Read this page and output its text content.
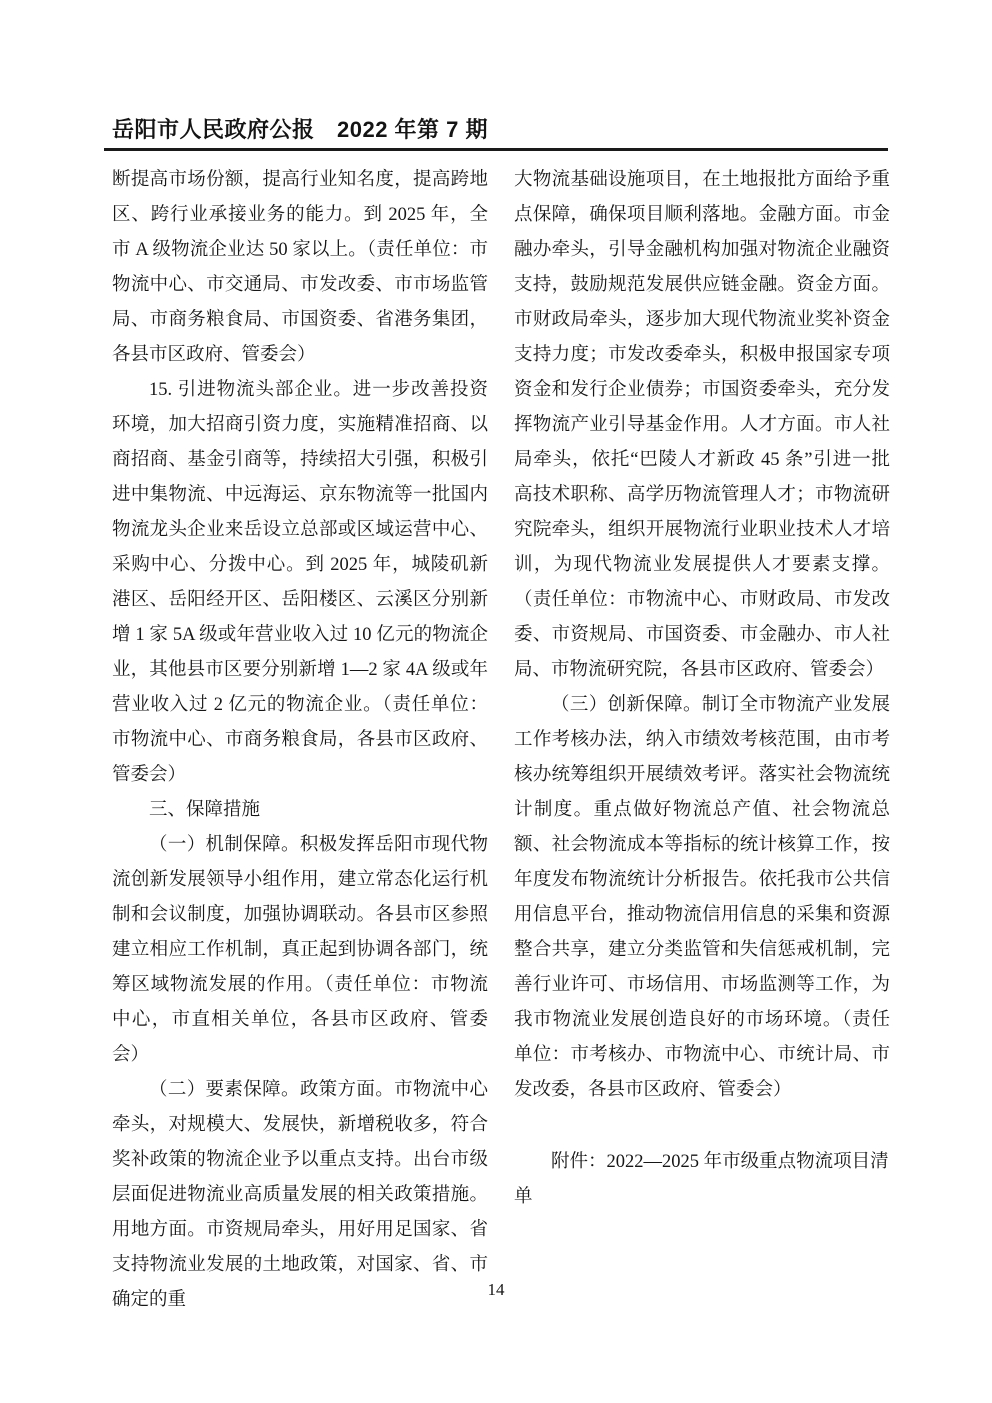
岳阳市人民政府公报　2022 年第 7 期

断提高市场份额，提高行业知名度，提高跨地区、跨行业承接业务的能力。到 2025 年，全市 A 级物流企业达 50 家以上。（责任单位：市物流中心、市交通局、市发改委、市市场监管局、市商务粮食局、市国资委、省港务集团，各县市区政府、管委会）

15. 引进物流头部企业。进一步改善投资环境，加大招商引资力度，实施精准招商、以商招商、基金引商等，持续招大引强，积极引进中集物流、中远海运、京东物流等一批国内物流龙头企业来岳设立总部或区域运营中心、采购中心、分拨中心。到 2025 年，城陵矶新港区、岳阳经开区、岳阳楼区、云溪区分别新增 1 家 5A 级或年营业收入过 10 亿元的物流企业，其他县市区要分别新增 1—2 家 4A 级或年营业收入过 2 亿元的物流企业。（责任单位：市物流中心、市商务粮食局，各县市区政府、管委会）

三、保障措施

（一）机制保障。积极发挥岳阳市现代物流创新发展领导小组作用，建立常态化运行机制和会议制度，加强协调联动。各县市区参照建立相应工作机制，真正起到协调各部门，统筹区域物流发展的作用。（责任单位：市物流中心，市直相关单位，各县市区政府、管委会）

（二）要素保障。政策方面。市物流中心牵头，对规模大、发展快，新增税收多，符合奖补政策的物流企业予以重点支持。出台市级层面促进物流业高质量发展的相关政策措施。用地方面。市资规局牵头，用好用足国家、省支持物流业发展的土地政策，对国家、省、市确定的重

大物流基础设施项目，在土地报批方面给予重点保障，确保项目顺利落地。金融方面。市金融办牵头，引导金融机构加强对物流企业融资支持，鼓励规范发展供应链金融。资金方面。市财政局牵头，逐步加大现代物流业奖补资金支持力度；市发改委牵头，积极申报国家专项资金和发行企业债券；市国资委牵头，充分发挥物流产业引导基金作用。人才方面。市人社局牵头，依托“巴陵人才新政 45 条”引进一批高技术职称、高学历物流管理人才；市物流研究院牵头，组织开展物流行业职业技术人才培训，为现代物流业发展提供人才要素支撑。（责任单位：市物流中心、市财政局、市发改委、市资规局、市国资委、市金融办、市人社局、市物流研究院，各县市区政府、管委会）

（三）创新保障。制订全市物流产业发展工作考核办法，纳入市绩效考核范围，由市考核办统筹组织开展绩效考评。落实社会物流统计制度。重点做好物流总产值、社会物流总额、社会物流成本等指标的统计核算工作，按年度发布物流统计分析报告。依托我市公共信用信息平台，推动物流信用信息的采集和资源整合共享，建立分类监管和失信惩戒机制，完善行业许可、市场信用、市场监测等工作，为我市物流业发展创造良好的市场环境。（责任单位：市考核办、市物流中心、市统计局、市发改委，各县市区政府、管委会）

附件：2022—2025 年市级重点物流项目清单

14
